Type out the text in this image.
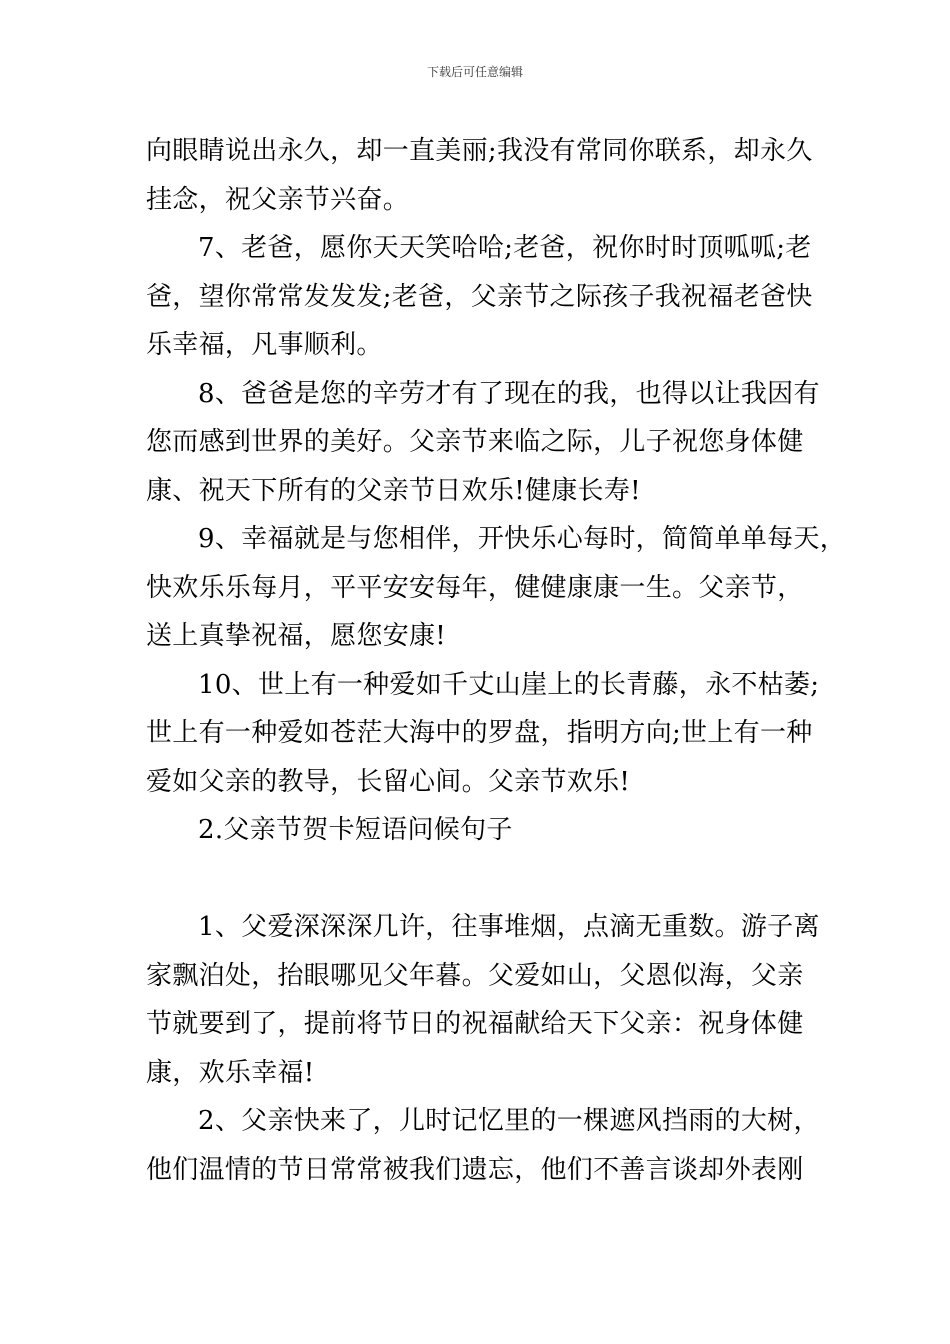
下载后可任意编辑
向眼睛说出永久，却一直美丽;我没有常同你联系，却永久
挂念，祝父亲节兴奋。
7、老爸，愿你天天笑哈哈;老爸，祝你时时顶呱呱;老
爸，望你常常发发发;老爸，父亲节之际孩子我祝福老爸快
乐幸福，凡事顺利。
8、爸爸是您的辛劳才有了现在的我，也得以让我因有
您而感到世界的美好。父亲节来临之际，儿子祝您身体健
康、祝天下所有的父亲节日欢乐!健康长寿!
9、幸福就是与您相伴，开快乐心每时，简简单单每天，
快欢乐乐每月，平平安安每年，健健康康一生。父亲节，
送上真挚祝福，愿您安康!
10、世上有一种爱如千丈山崖上的长青藤，永不枯萎;
世上有一种爱如苍茫大海中的罗盘，指明方向;世上有一种
爱如父亲的教导，长留心间。父亲节欢乐!
2.父亲节贺卡短语问候句子
1、父爱深深深几许，往事堆烟，点滴无重数。游子离
家飘泊处，抬眼哪见父年暮。父爱如山，父恩似海，父亲
节就要到了，提前将节日的祝福献给天下父亲：祝身体健
康，欢乐幸福!
2、父亲快来了，儿时记忆里的一棵遮风挡雨的大树，
他们温情的节日常常被我们遗忘，他们不善言谈却外表刚
